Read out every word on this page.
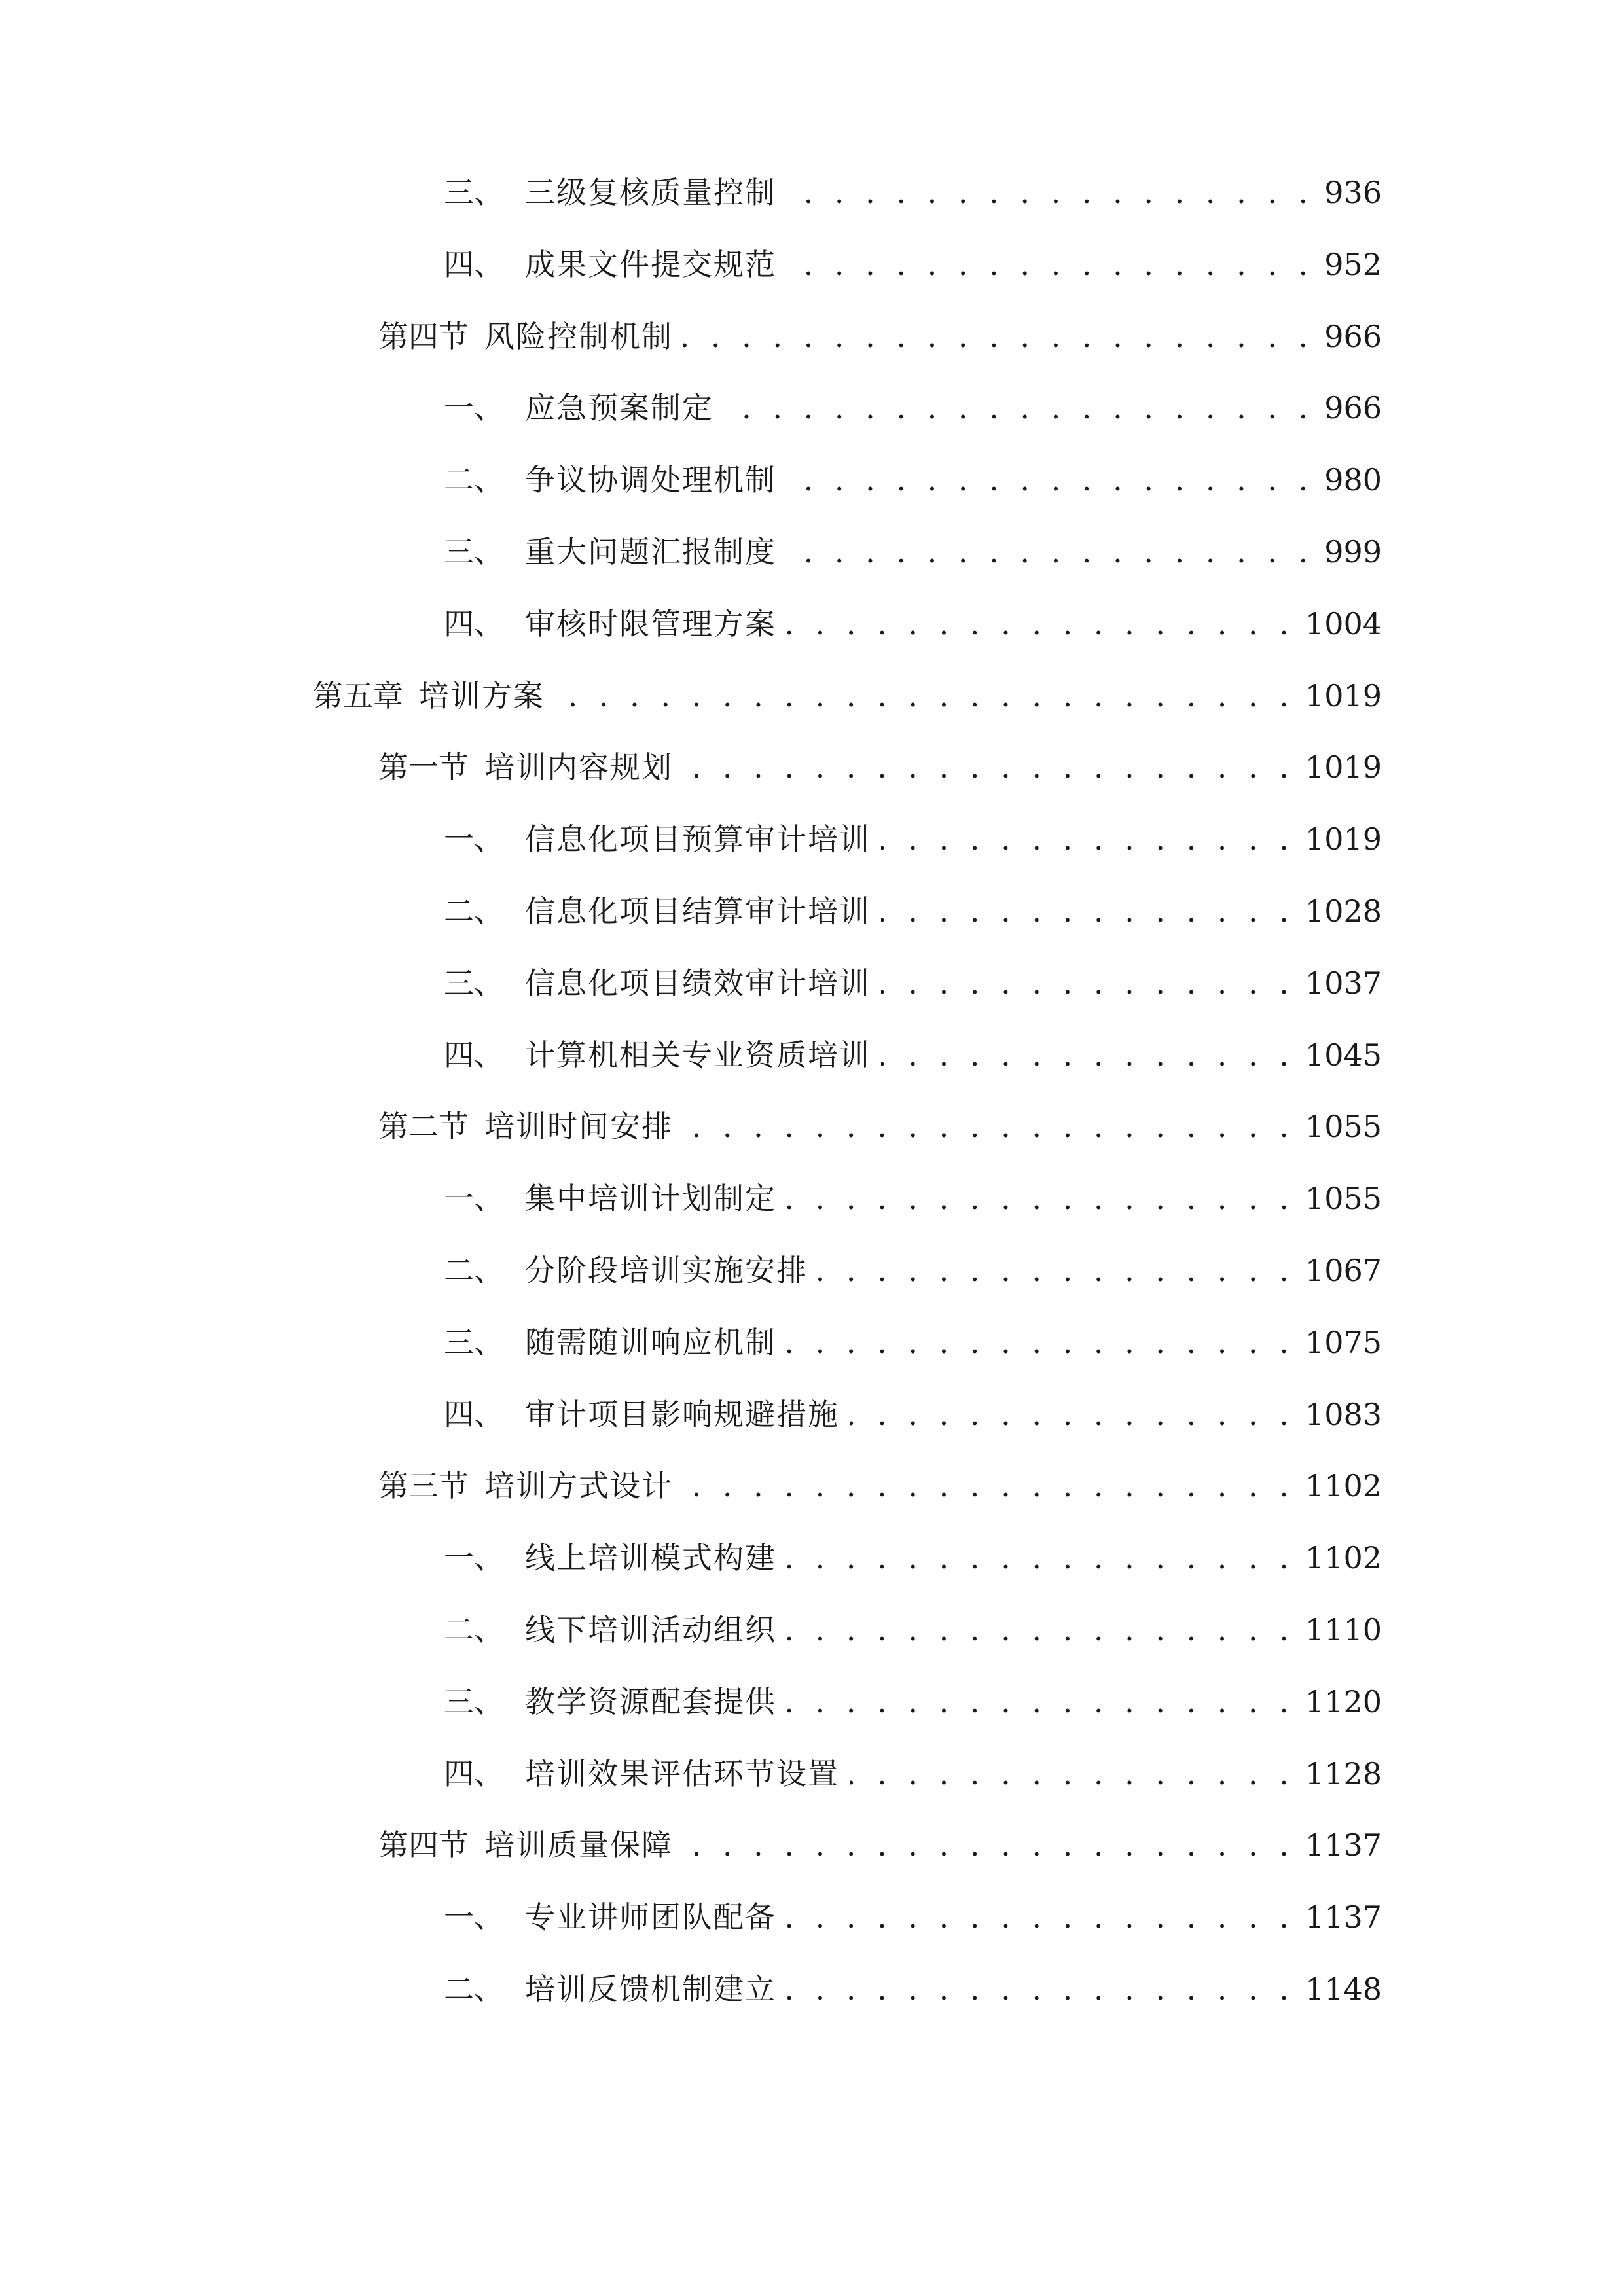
三、 三级复核质量控制 . . .	936
四、 成果文件提交规范 . . .	952
第四节 风险控制机制 . . .	966
一、 应急预案制定 . . .	966
二、 争议协调处理机制 . . .	980
三、 重大问题汇报制度 . . .	999
四、 审核时限管理方案 . . .	1004
第五章 培训方案 . . .	1019
第一节 培训内容规划 . . .	1019
一、 信息化项目预算审计培训 . . .	1019
二、 信息化项目结算审计培训 . . .	1028
三、 信息化项目绩效审计培训 . . .	1037
四、 计算机相关专业资质培训 . . .	1045
第二节 培训时间安排 . . .	1055
一、 集中培训计划制定 . . .	1055
二、 分阶段培训实施安排 . . .	1067
三、 随需随训响应机制 . . .	1075
四、 审计项目影响规避措施 . . .	1083
第三节 培训方式设计 . . .	1102
一、 线上培训模式构建 . . .	1102
二、 线下培训活动组织 . . .	1110
三、 教学资源配套提供 . . .	1120
四、 培训效果评估环节设置 . . .	1128
第四节 培训质量保障 . . .	1137
一、 专业讲师团队配备 . . .	1137
二、 培训反馈机制建立 . . .	1148
